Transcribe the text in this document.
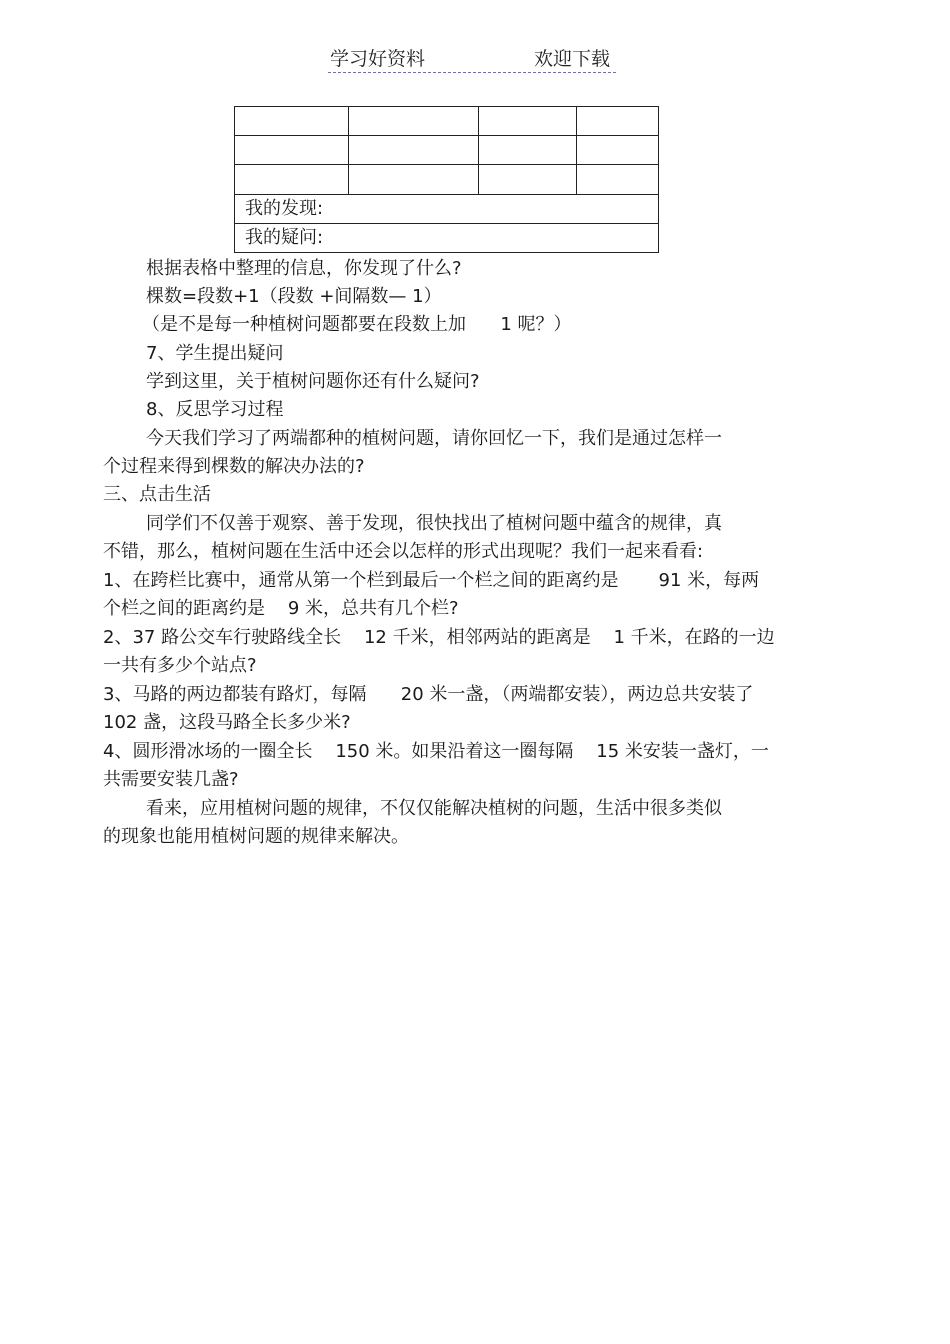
学习好资料	欢迎下载
我的发现:
我的疑问:
根据表格中整理的信息，你发现了什么?
棵数=段数+1（段数 +间隔数— 1）
（是不是每一种植树问题都要在段数上加      1 呢？）
7、学生提出疑问
学到这里，关于植树问题你还有什么疑问?
8、反思学习过程
今天我们学习了两端都种的植树问题，请你回忆一下，我们是通过怎样一
个过程来得到棵数的解决办法的?
三、点击生活
同学们不仅善于观察、善于发现，很快找出了植树问题中蕴含的规律，真
不错，那么，植树问题在生活中还会以怎样的形式出现呢？我们一起来看看:
1、在跨栏比赛中，通常从第一个栏到最后一个栏之间的距离约是       91 米，每两
个栏之间的距离约是    9 米，总共有几个栏?
2、37 路公交车行驶路线全长    12 千米，相邻两站的距离是    1 千米，在路的一边
一共有多少个站点?
3、马路的两边都装有路灯，每隔      20 米一盏，（两端都安装），两边总共安装了
102 盏，这段马路全长多少米?
4、圆形滑冰场的一圈全长    150 米。如果沿着这一圈每隔    15 米安装一盏灯，一
共需要安装几盏?
看来，应用植树问题的规律，不仅仅能解决植树的问题，生活中很多类似
的现象也能用植树问题的规律来解决。
